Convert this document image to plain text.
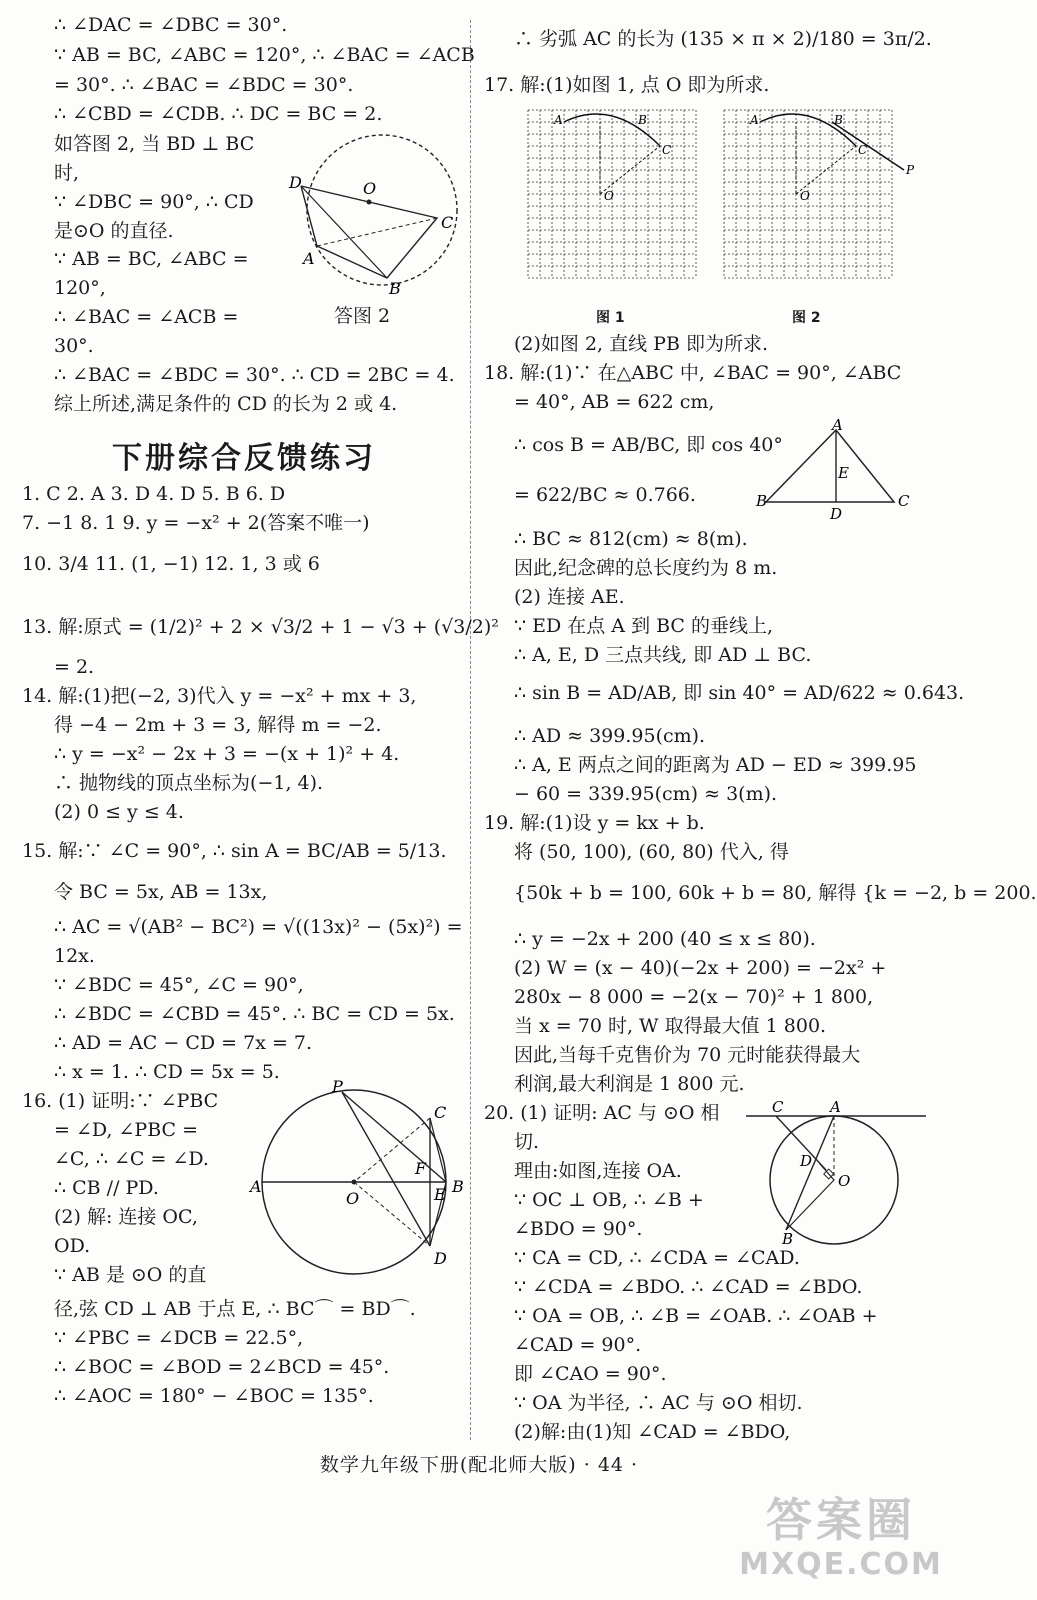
∴ ∠DAC = ∠DBC = 30°.
∵ AB = BC, ∠ABC = 120°, ∴ ∠BAC = ∠ACB
= 30°. ∴ ∠BAC = ∠BDC = 30°.
∴ ∠CBD = ∠CDB. ∴ DC = BC = 2.
如答图 2, 当 BD ⊥ BC
时,
∵ ∠DBC = 90°, ∴ CD
是⊙O 的直径.
∵ AB = BC, ∠ABC =
120°,
∴ ∠BAC = ∠ACB =
30°.
∴ ∠BAC = ∠BDC = 30°. ∴ CD = 2BC = 4.
综上所述,满足条件的 CD 的长为 2 或 4.
D	O
C
A
B
答图 2
下册综合反馈练习
1. C 2. A 3. D 4. D 5. B 6. D
7. −1 8. 1 9. y = −x² + 2(答案不唯一)
10. 3/4 11. (1, −1) 12. 1, 3 或 6
13. 解:原式 = (1/2)² + 2 × √3/2 + 1 − √3 + (√3/2)²
= 2.
14. 解:(1)把(−2, 3)代入 y = −x² + mx + 3,
得 −4 − 2m + 3 = 3, 解得 m = −2.
∴ y = −x² − 2x + 3 = −(x + 1)² + 4.
∴ 抛物线的顶点坐标为(−1, 4).
(2) 0 ≤ y ≤ 4.
15. 解:∵ ∠C = 90°, ∴ sin A = BC/AB = 5/13.
令 BC = 5x, AB = 13x,
∴ AC = √(AB² − BC²) = √((13x)² − (5x)²) =
12x.
∵ ∠BDC = 45°, ∠C = 90°,
∴ ∠BDC = ∠CBD = 45°. ∴ BC = CD = 5x.
∴ AD = AC − CD = 7x = 7.
∴ x = 1. ∴ CD = 5x = 5.
16. (1) 证明:∵ ∠PBC
= ∠D, ∠PBC =
∠C, ∴ ∠C = ∠D.
∴ CB // PD.
(2) 解: 连接 OC,
OD.
∵ AB 是 ⊙O 的直
径,弦 CD ⊥ AB 于点 E, ∴ BC⌒ = BD⌒.
∵ ∠PBC = ∠DCB = 22.5°,
∴ ∠BOC = ∠BOD = 2∠BCD = 45°.
∴ ∠AOC = 180° − ∠BOC = 135°.
A
P
C
O
F
E B
D
∴ 劣弧 AC 的长为 (135 × π × 2)/180 = 3π/2.
17. 解:(1)如图 1, 点 O 即为所求.
A	B
C
O
P
A	B
C
O
图 1	图 2
(2)如图 2, 直线 PB 即为所求.
18. 解:(1)∵ 在△ABC 中, ∠BAC = 90°, ∠ABC
= 40°, AB = 622 cm,
∴ cos B = AB/BC, 即 cos 40°
= 622/BC ≈ 0.766.
A
E
B
D
C
∴ BC ≈ 812(cm) ≈ 8(m).
因此,纪念碑的总长度约为 8 m.
(2) 连接 AE.
∵ ED 在点 A 到 BC 的垂线上,
∴ A, E, D 三点共线, 即 AD ⊥ BC.
∴ sin B = AD/AB, 即 sin 40° = AD/622 ≈ 0.643.
∴ AD ≈ 399.95(cm).
∴ A, E 两点之间的距离为 AD − ED ≈ 399.95
− 60 = 339.95(cm) ≈ 3(m).
19. 解:(1)设 y = kx + b.
将 (50, 100), (60, 80) 代入, 得
{50k + b = 100, 60k + b = 80, 解得 {k = −2, b = 200.
∴ y = −2x + 200 (40 ≤ x ≤ 80).
(2) W = (x − 40)(−2x + 200) = −2x² +
280x − 8 000 = −2(x − 70)² + 1 800,
当 x = 70 时, W 取得最大值 1 800.
因此,当每千克售价为 70 元时能获得最大
利润,最大利润是 1 800 元.
20. (1) 证明: AC 与 ⊙O 相
切.
理由:如图,连接 OA.
∵ OC ⊥ OB, ∴ ∠B +
∠BDO = 90°.
∵ CA = CD, ∴ ∠CDA = ∠CAD.
∵ ∠CDA = ∠BDO. ∴ ∠CAD = ∠BDO.
∵ OA = OB, ∴ ∠B = ∠OAB. ∴ ∠OAB +
∠CAD = 90°.
即 ∠CAO = 90°.
∵ OA 为半径, ∴ AC 与 ⊙O 相切.
(2)解:由(1)知 ∠CAD = ∠BDO,
C	A
D
O
B
数学九年级下册(配北师大版) · 44 ·
答案圈
MXQE.COM
